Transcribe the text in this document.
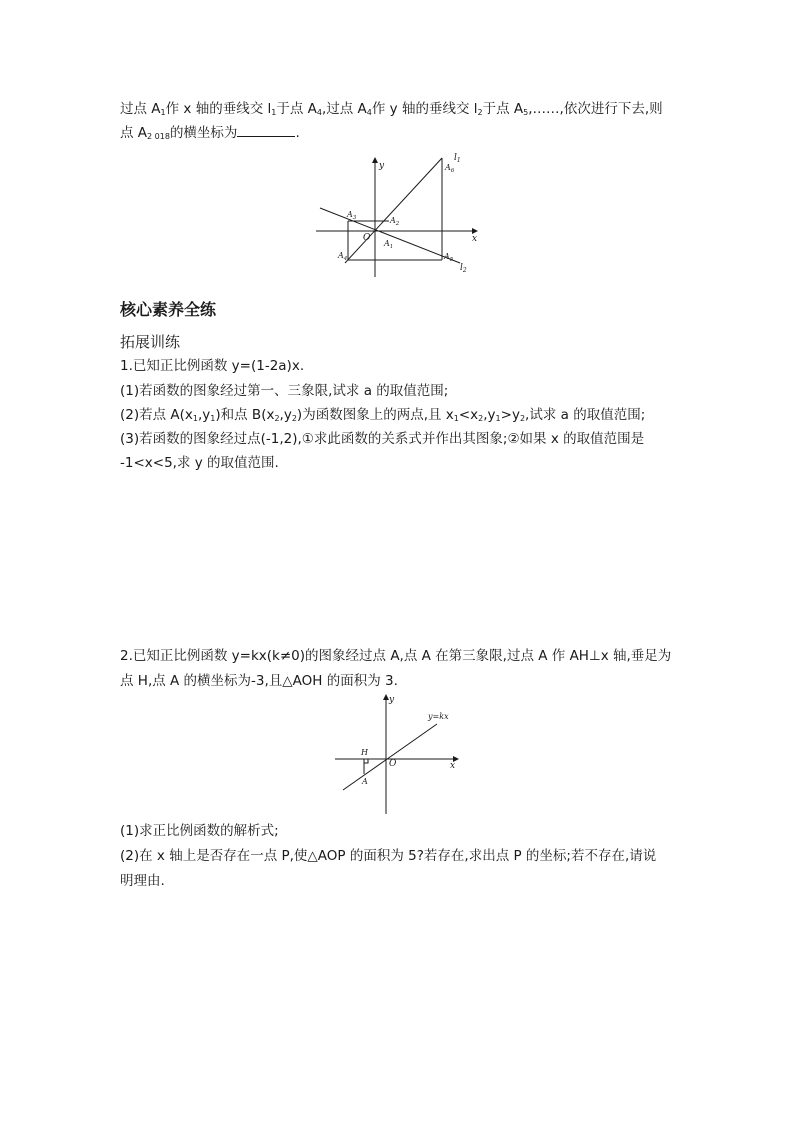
过点 $A_1$作 x 轴的垂线交 $l_1$于点 $A_4$,过点 $A_4$作 y 轴的垂线交 $l_2$于点 $A_5,\dots\dots$,依次进行下去,则
点 $A_{2 018}$的横坐标为	.
y
x
O
$l_1$
$l_2$
$A_3$	$A_2$
$A_1$
$A_4$	$A_5$
$A_6$
核心素养全练
拓展训练
1.已知正比例函数 y=(1-2a)x.
(1)若函数的图象经过第一、三象限,试求 a 的取值范围;
(2)若点 $A(x_1,y_1)$和点 $B(x_2,y_2)$为函数图象上的两点,且 $x_1<x_2,y_1>y_2$,试求 a 的取值范围;
(3)若函数的图象经过点(-1,2),①求此函数的关系式并作出其图象;②如果 x 的取值范围是
-1<x<5,求 y 的取值范围.
2.已知正比例函数 y=kx(k≠0)的图象经过点 A,点 A 在第三象限,过点 A 作 AH⊥x 轴,垂足为
点 H,点 A 的横坐标为-3,且△AOH 的面积为 3.
y
x
O
H
A
y=kx
(1)求正比例函数的解析式;
(2)在 x 轴上是否存在一点 P,使△AOP 的面积为 5?若存在,求出点 P 的坐标;若不存在,请说
明理由.
